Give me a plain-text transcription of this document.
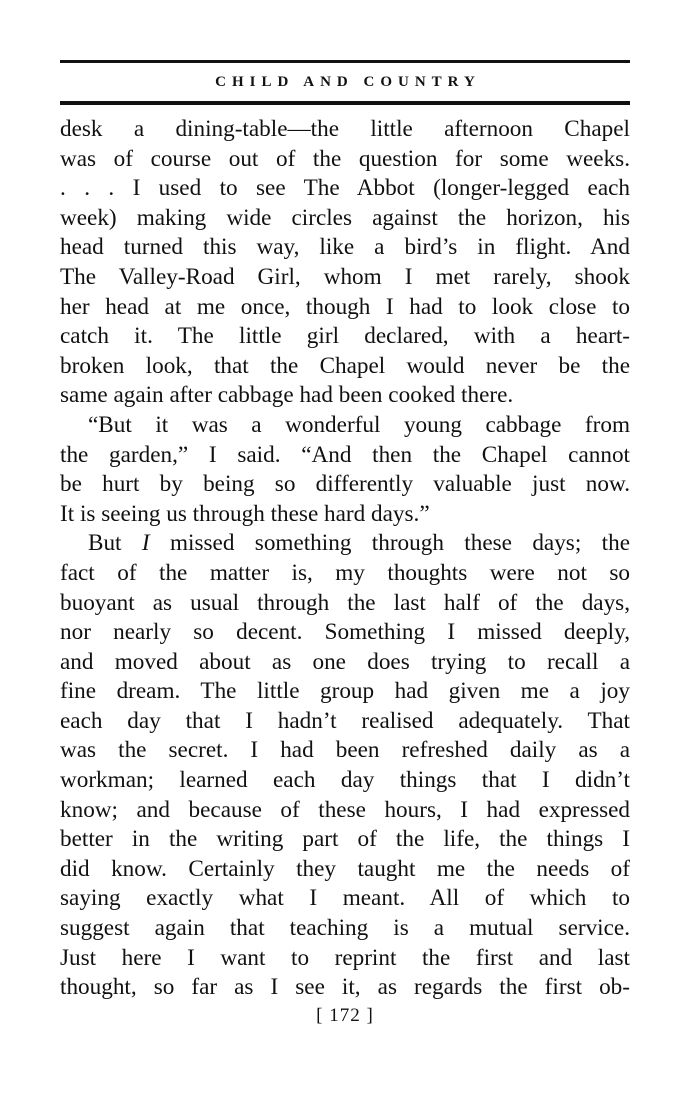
CHILD AND COUNTRY

desk a dining-table—the little afternoon Chapel

was of course out of the question for some weeks.

. . . I used to see The Abbot (longer-legged each

week) making wide circles against the horizon, his

head turned this way, like a bird’s in flight. And

The Valley-Road Girl, whom I met rarely, shook

her head at me once, though I had to look close to

catch it. The little girl declared, with a heart-

broken look, that the Chapel would never be the

same again after cabbage had been cooked there.

“But it was a wonderful young cabbage from

the garden,” I said. “And then the Chapel cannot

be hurt by being so differently valuable just now.

It is seeing us through these hard days.”

But I missed something through these days; the

fact of the matter is, my thoughts were not so

buoyant as usual through the last half of the days,

nor nearly so decent. Something I missed deeply,

and moved about as one does trying to recall a

fine dream. The little group had given me a joy

each day that I hadn’t realised adequately. That

was the secret. I had been refreshed daily as a

workman; learned each day things that I didn’t

know; and because of these hours, I had expressed

better in the writing part of the life, the things I

did know. Certainly they taught me the needs of

saying exactly what I meant. All of which to

suggest again that teaching is a mutual service.

Just here I want to reprint the first and last

thought, so far as I see it, as regards the first ob-

[ 172 ]
